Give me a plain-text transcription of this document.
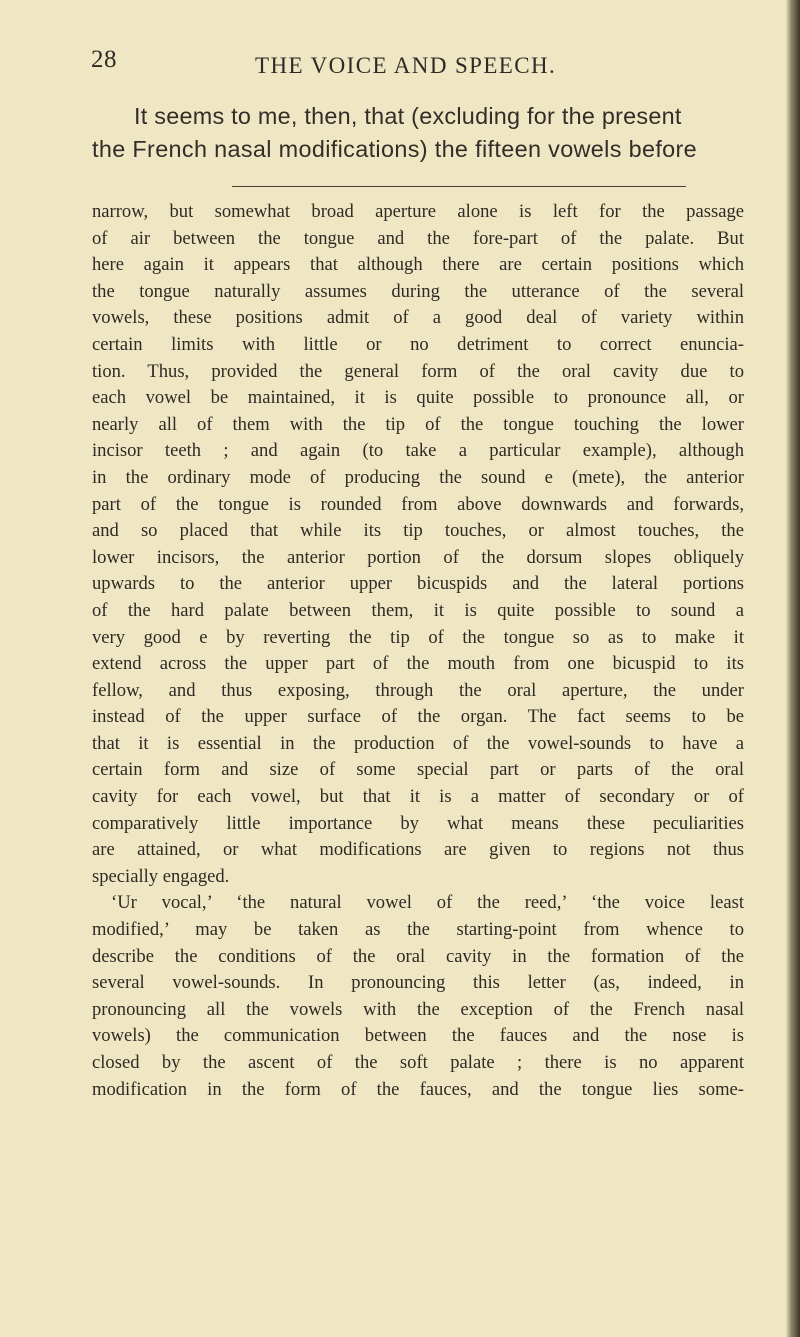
28	THE VOICE AND SPEECH.
It seems to me, then, that (excluding for the present
the French nasal modifications) the fifteen vowels before
narrow, but somewhat broad aperture alone is left for the passage
of air between the tongue and the fore-part of the palate. But
here again it appears that although there are certain positions which
the tongue naturally assumes during the utterance of the several
vowels, these positions admit of a good deal of variety within
certain limits with little or no detriment to correct enuncia-
tion. Thus, provided the general form of the oral cavity due to
each vowel be maintained, it is quite possible to pronounce all, or
nearly all of them with the tip of the tongue touching the lower
incisor teeth ; and again (to take a particular example), although
in the ordinary mode of producing the sound e (mete), the anterior
part of the tongue is rounded from above downwards and forwards,
and so placed that while its tip touches, or almost touches, the
lower incisors, the anterior portion of the dorsum slopes obliquely
upwards to the anterior upper bicuspids and the lateral portions
of the hard palate between them, it is quite possible to sound a
very good e by reverting the tip of the tongue so as to make it
extend across the upper part of the mouth from one bicuspid to its
fellow, and thus exposing, through the oral aperture, the under
instead of the upper surface of the organ. The fact seems to be
that it is essential in the production of the vowel-sounds to have a
certain form and size of some special part or parts of the oral
cavity for each vowel, but that it is a matter of secondary or of
comparatively little importance by what means these peculiarities
are attained, or what modifications are given to regions not thus
specially engaged.
‘Ur vocal,’ ‘the natural vowel of the reed,’ ‘the voice least
modified,’ may be taken as the starting-point from whence to
describe the conditions of the oral cavity in the formation of the
several vowel-sounds. In pronouncing this letter (as, indeed, in
pronouncing all the vowels with the exception of the French nasal
vowels) the communication between the fauces and the nose is
closed by the ascent of the soft palate ; there is no apparent
modification in the form of the fauces, and the tongue lies some-
